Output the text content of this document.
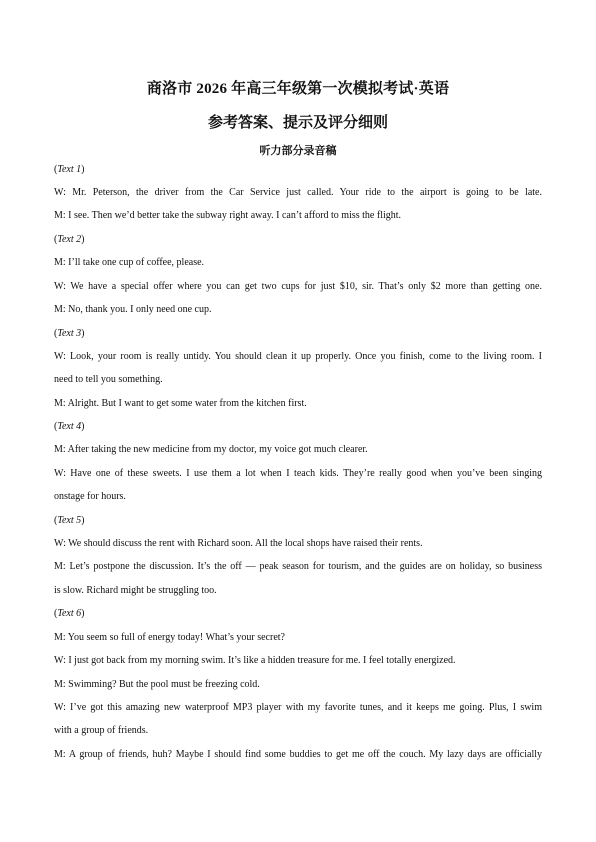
商洛市 2026 年高三年级第一次模拟考试·英语
参考答案、提示及评分细则
听力部分录音稿
(Text 1)
W: Mr. Peterson, the driver from the Car Service just called. Your ride to the airport is going to be late.
M: I see. Then we’d better take the subway right away. I can’t afford to miss the flight.
(Text 2)
M: I’ll take one cup of coffee, please.
W: We have a special offer where you can get two cups for just $10, sir. That’s only $2 more than getting one.
M: No, thank you. I only need one cup.
(Text 3)
W: Look, your room is really untidy. You should clean it up properly. Once you finish, come to the living room. I
need to tell you something.
M: Alright. But I want to get some water from the kitchen first.
(Text 4)
M: After taking the new medicine from my doctor, my voice got much clearer.
W: Have one of these sweets. I use them a lot when I teach kids. They’re really good when you’ve been singing
onstage for hours.
(Text 5)
W: We should discuss the rent with Richard soon. All the local shops have raised their rents.
M: Let’s postpone the discussion. It’s the off — peak season for tourism, and the guides are on holiday, so business
is slow. Richard might be struggling too.
(Text 6)
M: You seem so full of energy today! What’s your secret?
W: I just got back from my morning swim. It’s like a hidden treasure for me. I feel totally energized.
M: Swimming? But the pool must be freezing cold.
W: I’ve got this amazing new waterproof MP3 player with my favorite tunes, and it keeps me going. Plus, I swim
with a group of friends.
M: A group of friends, huh? Maybe I should find some buddies to get me off the couch. My lazy days are officially
